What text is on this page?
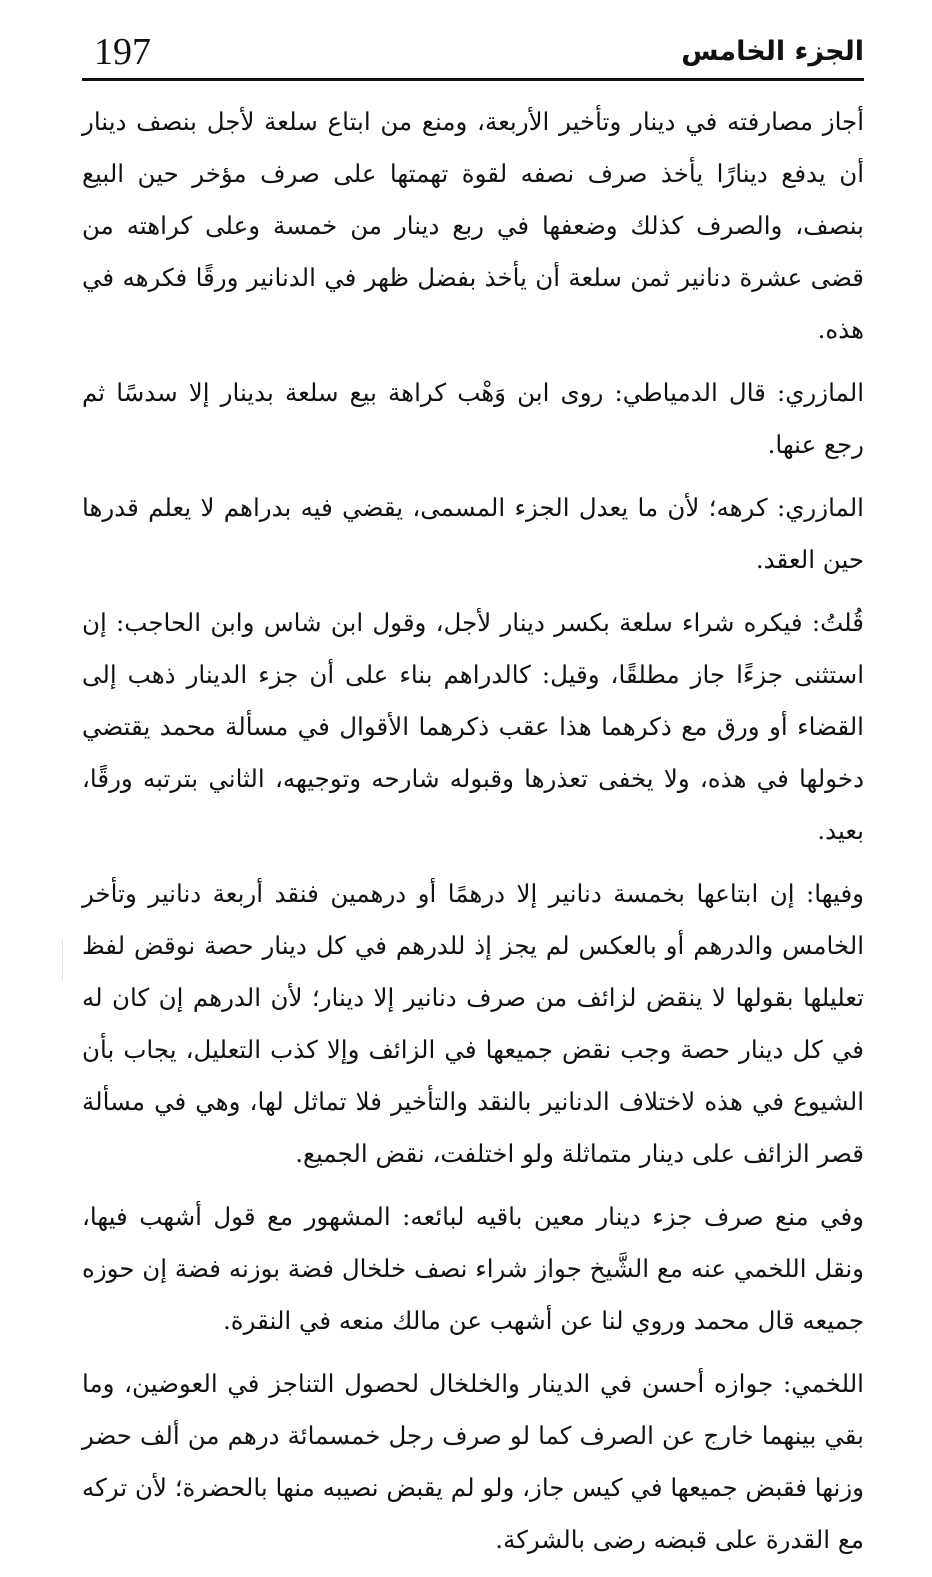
197	الجزء الخامس

أجاز مصارفته في دينار وتأخير الأربعة، ومنع من ابتاع سلعة لأجل بنصف دينار أن يدفع دينارًا يأخذ صرف نصفه لقوة تهمتها على صرف مؤخر حين البيع بنصف، والصرف كذلك وضعفها في ربع دينار من خمسة وعلى كراهته من قضى عشرة دنانير ثمن سلعة أن يأخذ بفضل ظهر في الدنانير ورقًا فكرهه في هذه.

المازري: قال الدمياطي: روى ابن وَهْب كراهة بيع سلعة بدينار إلا سدسًا ثم رجع عنها.

المازري: كرهه؛ لأن ما يعدل الجزء المسمى، يقضي فيه بدراهم لا يعلم قدرها حين العقد.

قُلتُ: فيكره شراء سلعة بكسر دينار لأجل، وقول ابن شاس وابن الحاجب: إن استثنى جزءًا جاز مطلقًا، وقيل: كالدراهم بناء على أن جزء الدينار ذهب إلى القضاء أو ورق مع ذكرهما هذا عقب ذكرهما الأقوال في مسألة محمد يقتضي دخولها في هذه، ولا يخفى تعذرها وقبوله شارحه وتوجيهه، الثاني بترتبه ورقًا، بعيد.

وفيها: إن ابتاعها بخمسة دنانير إلا درهمًا أو درهمين فنقد أربعة دنانير وتأخر الخامس والدرهم أو بالعكس لم يجز إذ للدرهم في كل دينار حصة نوقض لفظ تعليلها بقولها لا ينقض لزائف من صرف دنانير إلا دينار؛ لأن الدرهم إن كان له في كل دينار حصة وجب نقض جميعها في الزائف وإلا كذب التعليل، يجاب بأن الشيوع في هذه لاختلاف الدنانير بالنقد والتأخير فلا تماثل لها، وهي في مسألة قصر الزائف على دينار متماثلة ولو اختلفت، نقض الجميع.

وفي منع صرف جزء دينار معين باقيه لبائعه: المشهور مع قول أشهب فيها، ونقل اللخمي عنه مع الشَّيخ جواز شراء نصف خلخال فضة بوزنه فضة إن حوزه جميعه قال محمد وروي لنا عن أشهب عن مالك منعه في النقرة.

اللخمي: جوازه أحسن في الدينار والخلخال لحصول التناجز في العوضين، وما بقي بينهما خارج عن الصرف كما لو صرف رجل خمسمائة درهم من ألف حضر وزنها فقبض جميعها في كيس جاز، ولو لم يقبض نصيبه منها بالحضرة؛ لأن تركه مع القدرة على قبضه رضى بالشركة.
